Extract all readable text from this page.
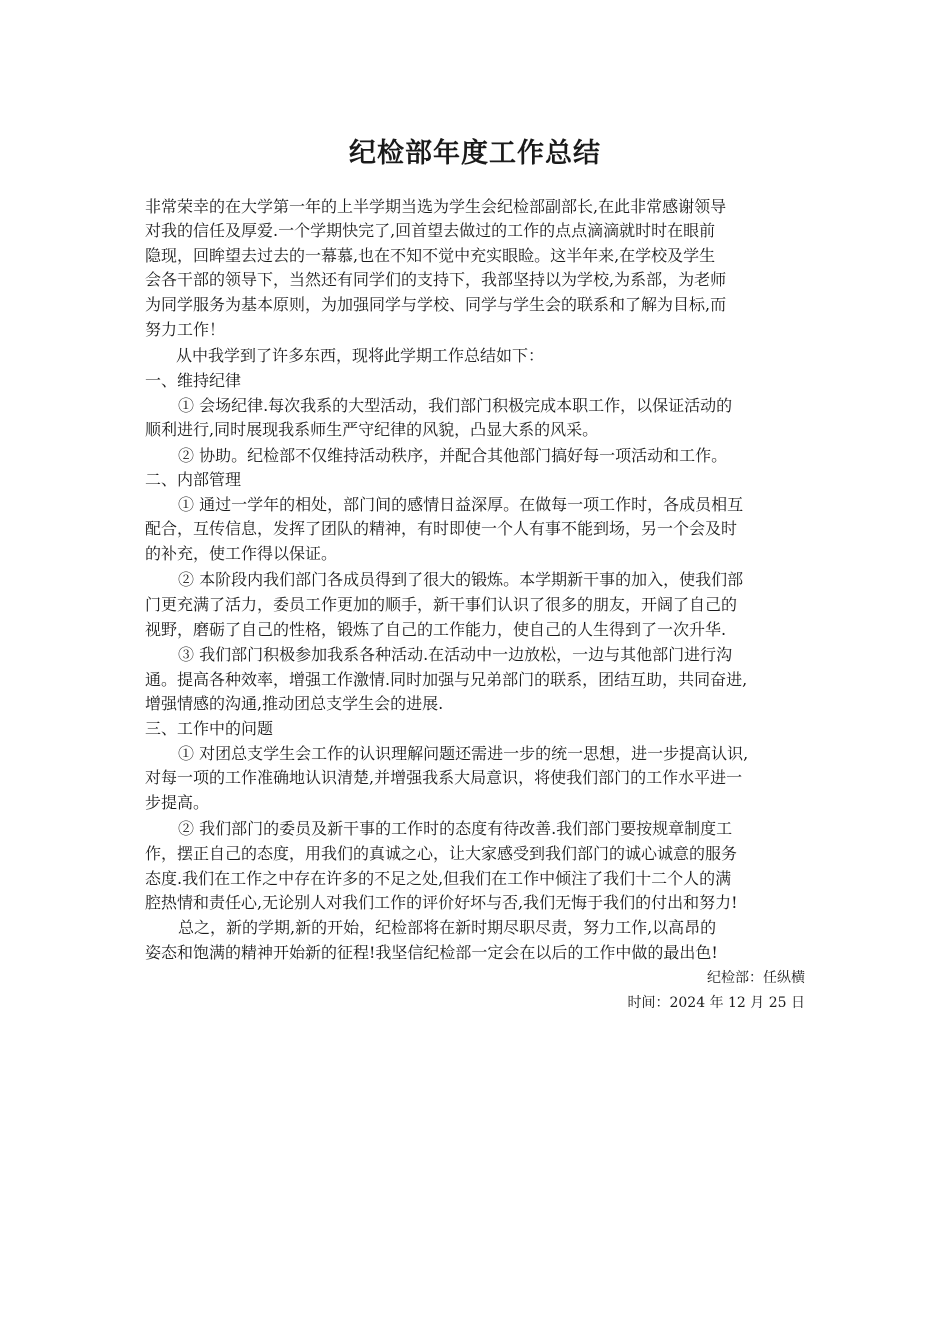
纪检部年度工作总结
非常荣幸的在大学第一年的上半学期当选为学生会纪检部副部长,在此非常感谢领导
对我的信任及厚爱.一个学期快完了,回首望去做过的工作的点点滴滴就时时在眼前
隐现，回眸望去过去的一幕慕,也在不知不觉中充实眼睑。这半年来,在学校及学生
会各干部的领导下，当然还有同学们的支持下，我部坚持以为学校,为系部，为老师
为同学服务为基本原则，为加强同学与学校、同学与学生会的联系和了解为目标,而
努力工作！
从中我学到了许多东西，现将此学期工作总结如下：
一、维持纪律
① 会场纪律.每次我系的大型活动，我们部门积极完成本职工作，以保证活动的
顺利进行,同时展现我系师生严守纪律的风貌，凸显大系的风采。
② 协助。纪检部不仅维持活动秩序，并配合其他部门搞好每一项活动和工作。
二、内部管理
① 通过一学年的相处，部门间的感情日益深厚。在做每一项工作时，各成员相互
配合，互传信息，发挥了团队的精神，有时即使一个人有事不能到场，另一个会及时
的补充，使工作得以保证。
② 本阶段内我们部门各成员得到了很大的锻炼。本学期新干事的加入，使我们部
门更充满了活力，委员工作更加的顺手，新干事们认识了很多的朋友，开阔了自己的
视野，磨砺了自己的性格，锻炼了自己的工作能力，使自己的人生得到了一次升华.
③ 我们部门积极参加我系各种活动.在活动中一边放松，一边与其他部门进行沟
通。提高各种效率，增强工作激情.同时加强与兄弟部门的联系，团结互助，共同奋进,
增强情感的沟通,推动团总支学生会的进展.
三、工作中的问题
① 对团总支学生会工作的认识理解问题还需进一步的统一思想，进一步提高认识,
对每一项的工作准确地认识清楚,并增强我系大局意识，将使我们部门的工作水平进一
步提高。
② 我们部门的委员及新干事的工作时的态度有待改善.我们部门要按规章制度工
作，摆正自己的态度，用我们的真诚之心，让大家感受到我们部门的诚心诚意的服务
态度.我们在工作之中存在许多的不足之处,但我们在工作中倾注了我们十二个人的满
腔热情和责任心,无论别人对我们工作的评价好坏与否,我们无悔于我们的付出和努力!
总之，新的学期,新的开始，纪检部将在新时期尽职尽责，努力工作,以高昂的
姿态和饱满的精神开始新的征程!我坚信纪检部一定会在以后的工作中做的最出色!
纪检部：任纵横
时间：2024 年 12 月 25 日
